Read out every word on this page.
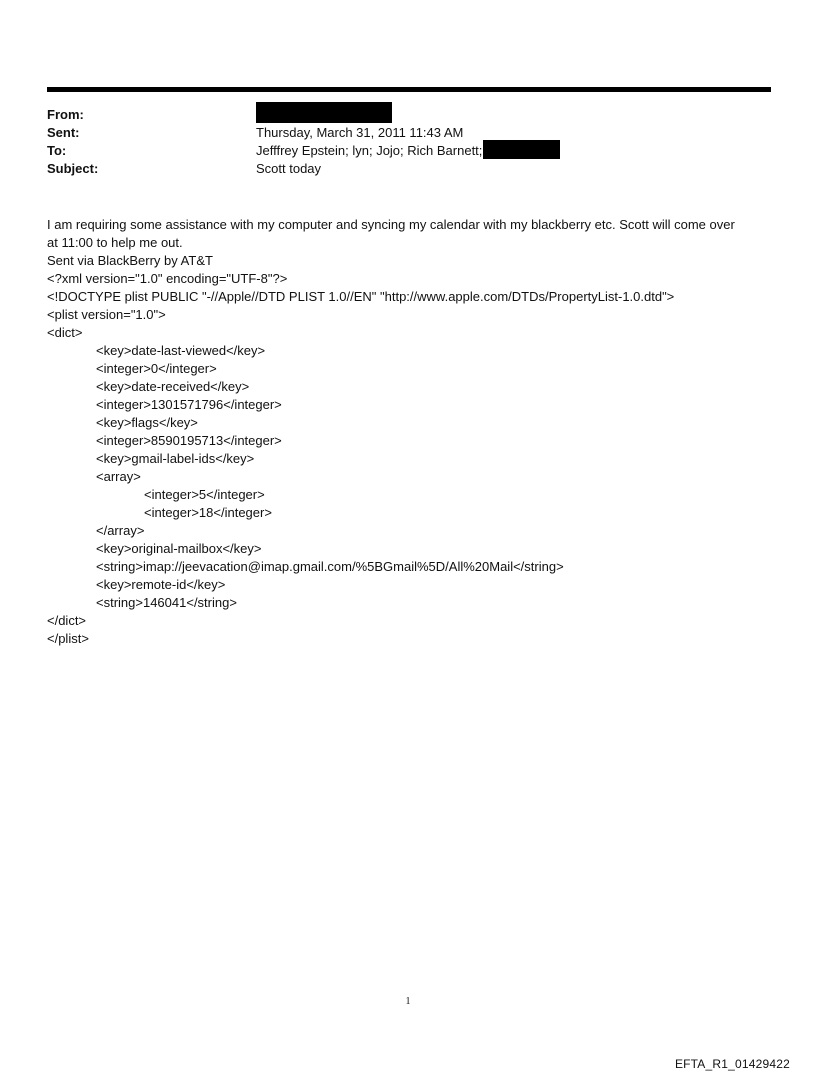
From:
Sent:	Thursday, March 31, 2011 11:43 AM
To:	Jefffrey Epstein; lyn; Jojo; Rich Barnett;
Subject:	Scott today

I am requiring some assistance with my computer and syncing my calendar with my blackberry etc. Scott will come over

at 11:00 to help me out.

Sent via BlackBerry by AT&T

<?xml version="1.0" encoding="UTF-8"?>

<!DOCTYPE plist PUBLIC "-//Apple//DTD PLIST 1.0//EN" "http://www.apple.com/DTDs/PropertyList-1.0.dtd">

<plist version="1.0">

<dict>

<key>date-last-viewed</key>

<integer>0</integer>

<key>date-received</key>

<integer>1301571796</integer>

<key>flags</key>

<integer>8590195713</integer>

<key>gmail-label-ids</key>

<array>

<integer>5</integer>

<integer>18</integer>

</array>

<key>original-mailbox</key>

<string>imap://jeevacation@imap.gmail.com/%5BGmail%5D/All%20Mail</string>

<key>remote-id</key>

<string>146041</string>

</dict>

</plist>

1
EFTA_R1_01429422
